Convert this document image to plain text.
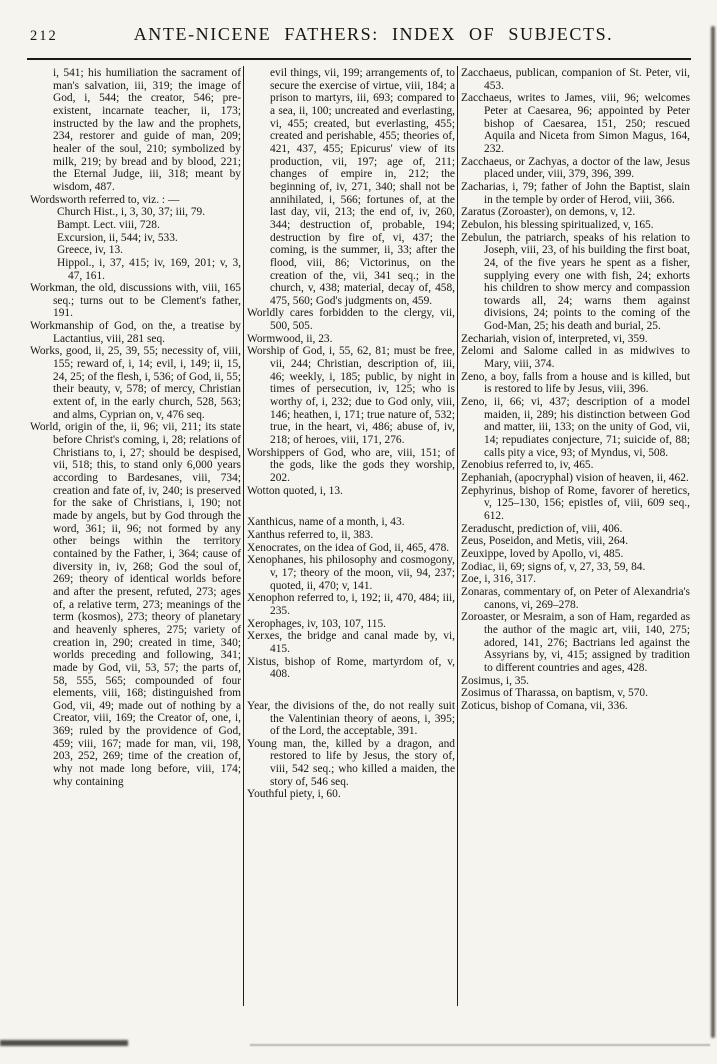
212	ANTE-NICENE FATHERS: INDEX OF SUBJECTS.

i, 541; his humiliation the sacrament of man's salvation, iii, 319; the image of God, i, 544; the creator, 546; pre-existent, incarnate teacher, ii, 173; instructed by the law and the prophets, 234, restorer and guide of man, 209; healer of the soul, 210; symbolized by milk, 219; by bread and by blood, 221; the Eternal Judge, iii, 318; meant by wisdom, 487.

Wordsworth referred to, viz. : —

Church Hist., i, 3, 30, 37; iii, 79.

Bampt. Lect. viii, 728.

Excursion, ii, 544; iv, 533.

Greece, iv, 13.

Hippol., i, 37, 415; iv, 169, 201; v, 3, 47, 161.

Workman, the old, discussions with, viii, 165 seq.; turns out to be Clement's father, 191.

Workmanship of God, on the, a treatise by Lactantius, viii, 281 seq.

Works, good, ii, 25, 39, 55; necessity of, viii, 155; reward of, i, 14; evil, i, 149; ii, 15, 24, 25; of the flesh, i, 536; of God, ii, 55; their beauty, v, 578; of mercy, Christian extent of, in the early church, 528, 563; and alms, Cyprian on, v, 476 seq.

World, origin of the, ii, 96; vii, 211; its state before Christ's coming, i, 28; relations of Christians to, i, 27; should be despised, vii, 518; this, to stand only 6,000 years according to Bardesanes, viii, 734; creation and fate of, iv, 240; is preserved for the sake of Christians, i, 190; not made by angels, but by God through the word, 361; ii, 96; not formed by any other beings within the territory contained by the Father, i, 364; cause of diversity in, iv, 268; God the soul of, 269; theory of identical worlds before and after the present, refuted, 273; ages of, a relative term, 273; meanings of the term (kosmos), 273; theory of planetary and heavenly spheres, 275; variety of creation in, 290; created in time, 340; worlds preceding and following, 341; made by God, vii, 53, 57; the parts of, 58, 555, 565; compounded of four elements, viii, 168; distinguished from God, vii, 49; made out of nothing by a Creator, viii, 169; the Creator of, one, i, 369; ruled by the providence of God, 459; viii, 167; made for man, vii, 198, 203, 252, 269; time of the creation of, why not made long before, viii, 174; why containing

evil things, vii, 199; arrangements of, to secure the exercise of virtue, viii, 184; a prison to martyrs, iii, 693; compared to a sea, ii, 100; uncreated and everlasting, vi, 455; created, but everlasting, 455; created and perishable, 455; theories of, 421, 437, 455; Epicurus' view of its production, vii, 197; age of, 211; changes of empire in, 212; the beginning of, iv, 271, 340; shall not be annihilated, i, 566; fortunes of, at the last day, vii, 213; the end of, iv, 260, 344; destruction of, probable, 194; destruction by fire of, vi, 437; the coming, is the summer, ii, 33; after the flood, viii, 86; Victorinus, on the creation of the, vii, 341 seq.; in the church, v, 438; material, decay of, 458, 475, 560; God's judgments on, 459.

Worldly cares forbidden to the clergy, vii, 500, 505.

Wormwood, ii, 23.

Worship of God, i, 55, 62, 81; must be free, vii, 244; Christian, description of, iii, 46; weekly, i, 185; public, by night in times of persecution, iv, 125; who is worthy of, i, 232; due to God only, viii, 146; heathen, i, 171; true nature of, 532; true, in the heart, vi, 486; abuse of, iv, 218; of heroes, viii, 171, 276.

Worshippers of God, who are, viii, 151; of the gods, like the gods they worship, 202.

Wotton quoted, i, 13.

Xanthicus, name of a month, i, 43.

Xanthus referred to, ii, 383.

Xenocrates, on the idea of God, ii, 465, 478.

Xenophanes, his philosophy and cosmogony, v, 17; theory of the moon, vii, 94, 237; quoted, ii, 470; v, 141.

Xenophon referred to, i, 192; ii, 470, 484; iii, 235.

Xerophages, iv, 103, 107, 115.

Xerxes, the bridge and canal made by, vi, 415.

Xistus, bishop of Rome, martyrdom of, v, 408.

Year, the divisions of the, do not really suit the Valentinian theory of aeons, i, 395; of the Lord, the acceptable, 391.

Young man, the, killed by a dragon, and restored to life by Jesus, the story of, viii, 542 seq.; who killed a maiden, the story of, 546 seq.

Youthful piety, i, 60.

Zacchaeus, publican, companion of St. Peter, vii, 453.

Zacchaeus, writes to James, viii, 96; welcomes Peter at Caesarea, 96; appointed by Peter bishop of Caesarea, 151, 250; rescued Aquila and Niceta from Simon Magus, 164, 232.

Zacchaeus, or Zachyas, a doctor of the law, Jesus placed under, viii, 379, 396, 399.

Zacharias, i, 79; father of John the Baptist, slain in the temple by order of Herod, viii, 366.

Zaratus (Zoroaster), on demons, v, 12.

Zebulon, his blessing spiritualized, v, 165.

Zebulun, the patriarch, speaks of his relation to Joseph, viii, 23, of his building the first boat, 24, of the five years he spent as a fisher, supplying every one with fish, 24; exhorts his children to show mercy and compassion towards all, 24; warns them against divisions, 24; points to the coming of the God-Man, 25; his death and burial, 25.

Zechariah, vision of, interpreted, vi, 359.

Zelomi and Salome called in as midwives to Mary, viii, 374.

Zeno, a boy, falls from a house and is killed, but is restored to life by Jesus, viii, 396.

Zeno, ii, 66; vi, 437; description of a model maiden, ii, 289; his distinction between God and matter, iii, 133; on the unity of God, vii, 14; repudiates conjecture, 71; suicide of, 88; calls pity a vice, 93; of Myndus, vi, 508.

Zenobius referred to, iv, 465.

Zephaniah, (apocryphal) vision of heaven, ii, 462.

Zephyrinus, bishop of Rome, favorer of heretics, v, 125–130, 156; epistles of, viii, 609 seq., 612.

Zeraduscht, prediction of, viii, 406.

Zeus, Poseidon, and Metis, viii, 264.

Zeuxippe, loved by Apollo, vi, 485.

Zodiac, ii, 69; signs of, v, 27, 33, 59, 84.

Zoe, i, 316, 317.

Zonaras, commentary of, on Peter of Alexandria's canons, vi, 269–278.

Zoroaster, or Mesraim, a son of Ham, regarded as the author of the magic art, viii, 140, 275; adored, 141, 276; Bactrians led against the Assyrians by, vi, 415; assigned by tradition to different countries and ages, 428.

Zosimus, i, 35.

Zosimus of Tharassa, on baptism, v, 570.

Zoticus, bishop of Comana, vii, 336.
